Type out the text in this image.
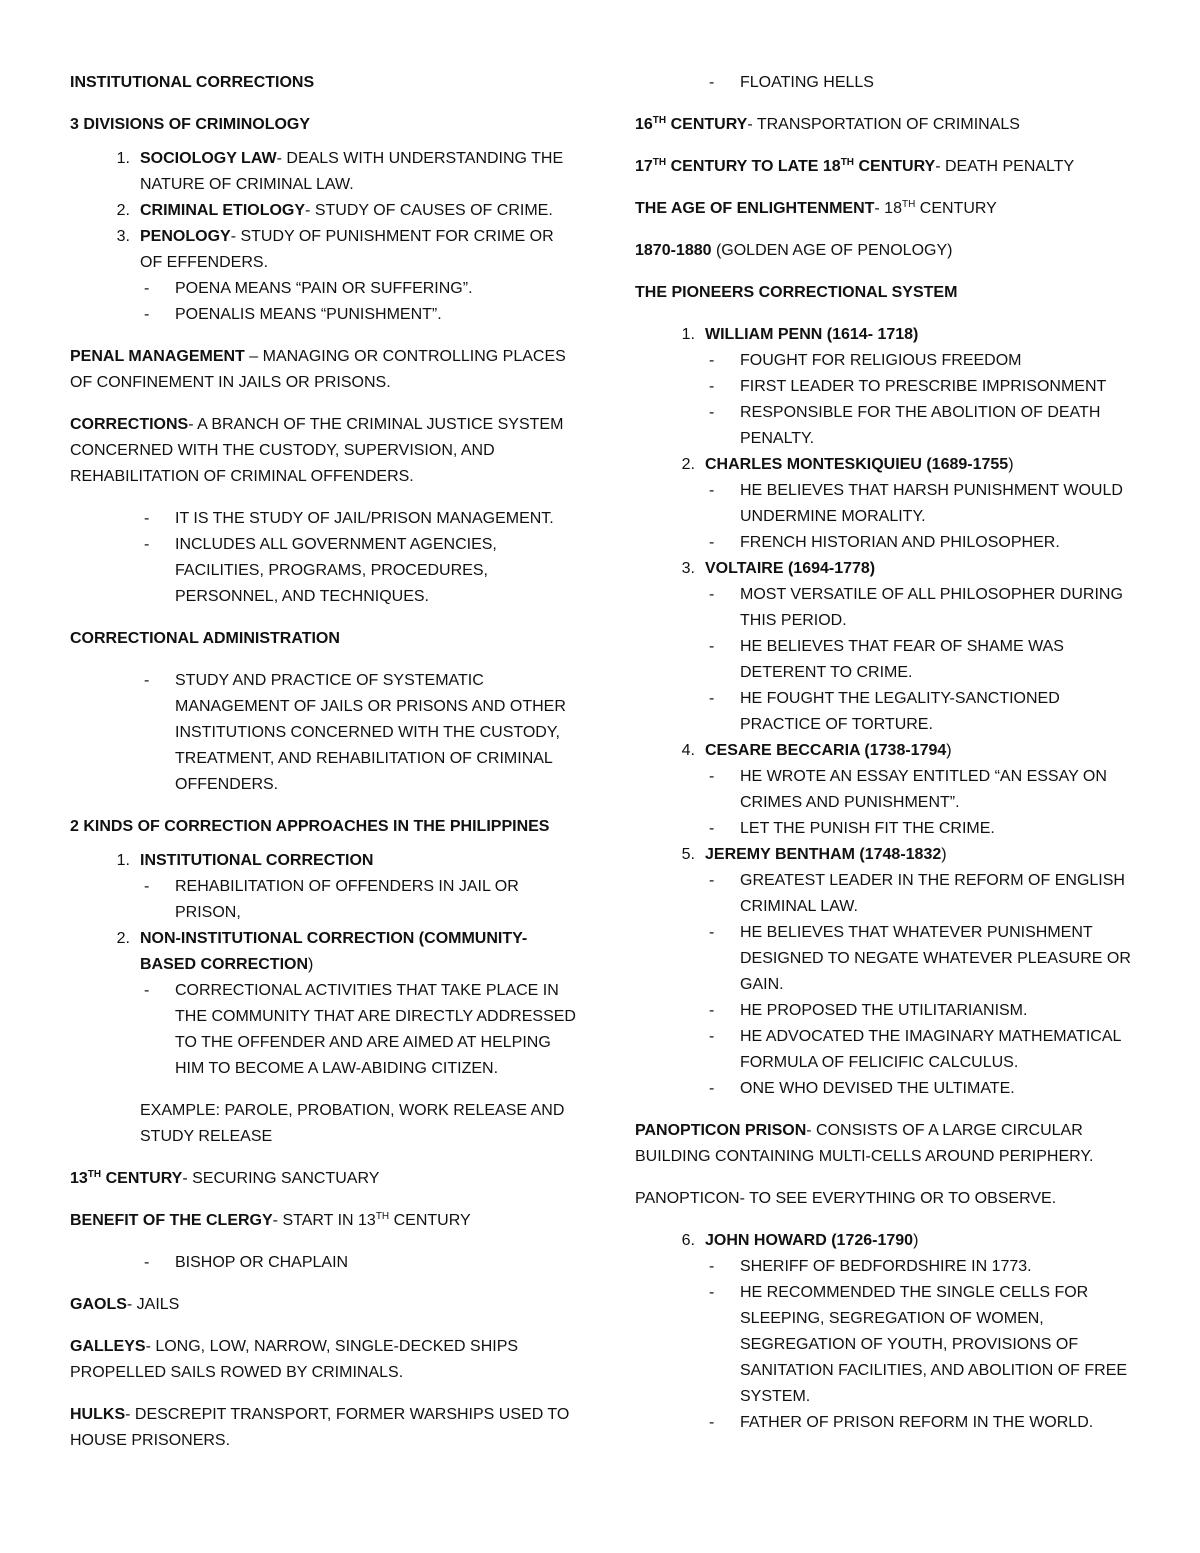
INSTITUTIONAL CORRECTIONS

3 DIVISIONS OF CRIMINOLOGY

1. SOCIOLOGY LAW- DEALS WITH UNDERSTANDING THE NATURE OF CRIMINAL LAW.
2. CRIMINAL ETIOLOGY- STUDY OF CAUSES OF CRIME.
3. PENOLOGY- STUDY OF PUNISHMENT FOR CRIME OR OF EFFENDERS.
-	POENA MEANS “PAIN OR SUFFERING”.
-	POENALIS MEANS “PUNISHMENT”.

PENAL MANAGEMENT – MANAGING OR CONTROLLING PLACES OF CONFINEMENT IN JAILS OR PRISONS.

CORRECTIONS- A BRANCH OF THE CRIMINAL JUSTICE SYSTEM CONCERNED WITH THE CUSTODY, SUPERVISION, AND REHABILITATION OF CRIMINAL OFFENDERS.

-	IT IS THE STUDY OF JAIL/PRISON MANAGEMENT.
-	INCLUDES ALL GOVERNMENT AGENCIES, FACILITIES, PROGRAMS, PROCEDURES, PERSONNEL, AND TECHNIQUES.

CORRECTIONAL ADMINISTRATION

-	STUDY AND PRACTICE OF SYSTEMATIC MANAGEMENT OF JAILS OR PRISONS AND OTHER INSTITUTIONS CONCERNED WITH THE CUSTODY, TREATMENT, AND REHABILITATION OF CRIMINAL OFFENDERS.

2 KINDS OF CORRECTION APPROACHES IN THE PHILIPPINES

1. INSTITUTIONAL CORRECTION
-	REHABILITATION OF OFFENDERS IN JAIL OR PRISON,
2. NON-INSTITUTIONAL CORRECTION (COMMUNITY-BASED CORRECTION)
-	CORRECTIONAL ACTIVITIES THAT TAKE PLACE IN THE COMMUNITY THAT ARE DIRECTLY ADDRESSED TO THE OFFENDER AND ARE AIMED AT HELPING HIM TO BECOME A LAW-ABIDING CITIZEN.

EXAMPLE: PAROLE, PROBATION, WORK RELEASE AND STUDY RELEASE

13TH CENTURY- SECURING SANCTUARY

BENEFIT OF THE CLERGY- START IN 13TH CENTURY

-	BISHOP OR CHAPLAIN

GAOLS- JAILS

GALLEYS- LONG, LOW, NARROW, SINGLE-DECKED SHIPS PROPELLED SAILS ROWED BY CRIMINALS.

HULKS- DESCREPIT TRANSPORT, FORMER WARSHIPS USED TO HOUSE PRISONERS.

-	FLOATING HELLS

16TH CENTURY- TRANSPORTATION OF CRIMINALS

17TH CENTURY TO LATE 18TH CENTURY- DEATH PENALTY

THE AGE OF ENLIGHTENMENT- 18TH CENTURY

1870-1880 (GOLDEN AGE OF PENOLOGY)

THE PIONEERS CORRECTIONAL SYSTEM

1. WILLIAM PENN (1614- 1718)
-	FOUGHT FOR RELIGIOUS FREEDOM
-	FIRST LEADER TO PRESCRIBE IMPRISONMENT
-	RESPONSIBLE FOR THE ABOLITION OF DEATH PENALTY.
2. CHARLES MONTESKIQUIEU (1689-1755)
-	HE BELIEVES THAT HARSH PUNISHMENT WOULD UNDERMINE MORALITY.
-	FRENCH HISTORIAN AND PHILOSOPHER.
3. VOLTAIRE (1694-1778)
-	MOST VERSATILE OF ALL PHILOSOPHER DURING THIS PERIOD.
-	HE BELIEVES THAT FEAR OF SHAME WAS DETERENT TO CRIME.
-	HE FOUGHT THE LEGALITY-SANCTIONED PRACTICE OF TORTURE.
4. CESARE BECCARIA (1738-1794)
-	HE WROTE AN ESSAY ENTITLED “AN ESSAY ON CRIMES AND PUNISHMENT”.
-	LET THE PUNISH FIT THE CRIME.
5. JEREMY BENTHAM (1748-1832)
-	GREATEST LEADER IN THE REFORM OF ENGLISH CRIMINAL LAW.
-	HE BELIEVES THAT WHATEVER PUNISHMENT DESIGNED TO NEGATE WHATEVER PLEASURE OR GAIN.
-	HE PROPOSED THE UTILITARIANISM.
-	HE ADVOCATED THE IMAGINARY MATHEMATICAL FORMULA OF FELICIFIC CALCULUS.
-	ONE WHO DEVISED THE ULTIMATE.

PANOPTICON PRISON- CONSISTS OF A LARGE CIRCULAR BUILDING CONTAINING MULTI-CELLS AROUND PERIPHERY.

PANOPTICON- TO SEE EVERYTHING OR TO OBSERVE.

6. JOHN HOWARD (1726-1790)
-	SHERIFF OF BEDFORDSHIRE IN 1773.
-	HE RECOMMENDED THE SINGLE CELLS FOR SLEEPING, SEGREGATION OF WOMEN, SEGREGATION OF YOUTH, PROVISIONS OF SANITATION FACILITIES, AND ABOLITION OF FREE SYSTEM.
-	FATHER OF PRISON REFORM IN THE WORLD.
